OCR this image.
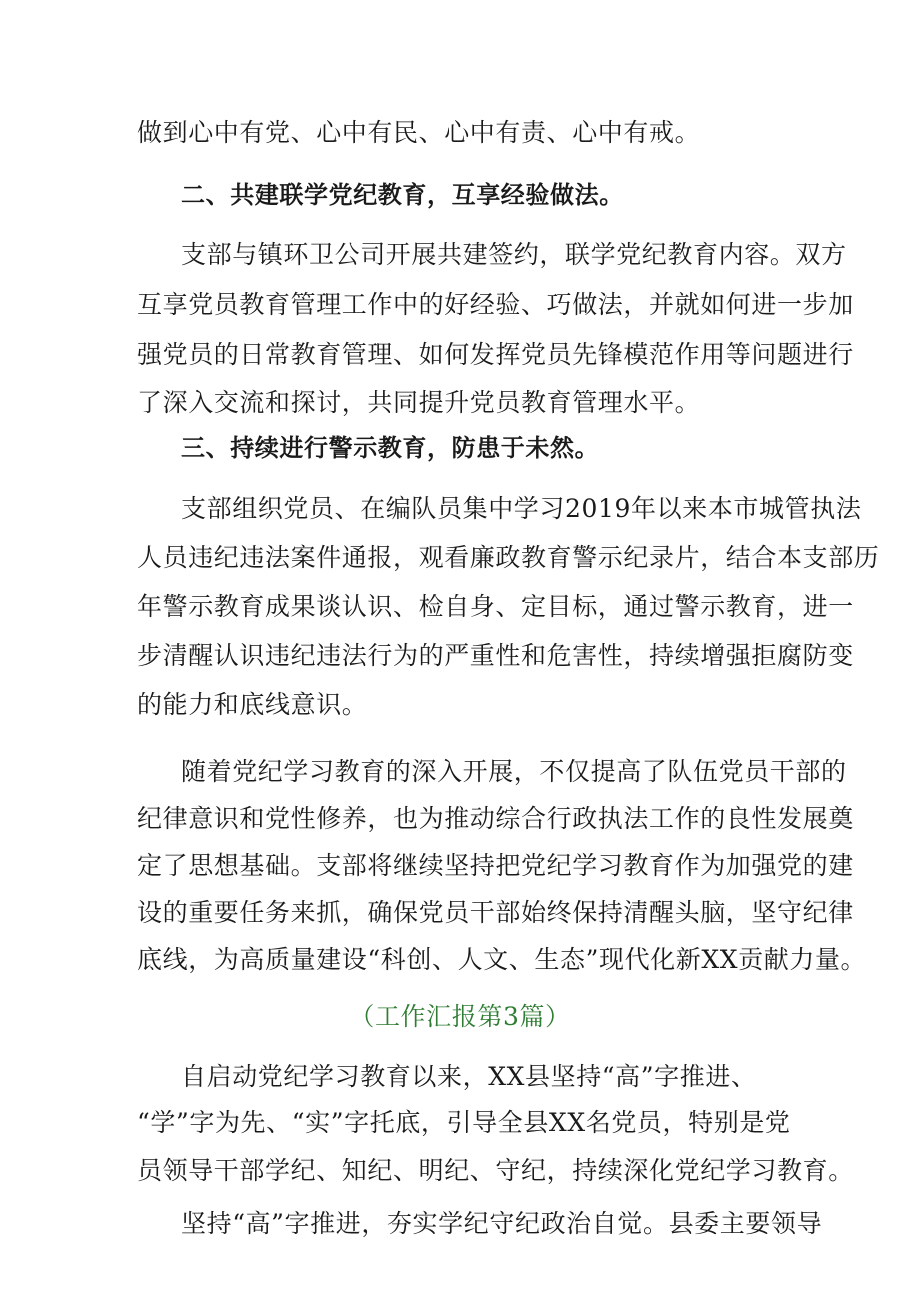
做到心中有党、心中有民、心中有责、心中有戒。
二、共建联学党纪教育，互享经验做法。
支部与镇环卫公司开展共建签约，联学党纪教育内容。双方
互享党员教育管理工作中的好经验、巧做法，并就如何进一步加
强党员的日常教育管理、如何发挥党员先锋模范作用等问题进行
了深入交流和探讨，共同提升党员教育管理水平。
三、持续进行警示教育，防患于未然。
支部组织党员、在编队员集中学习2019年以来本市城管执法
人员违纪违法案件通报，观看廉政教育警示纪录片，结合本支部历
年警示教育成果谈认识、检自身、定目标，通过警示教育，进一
步清醒认识违纪违法行为的严重性和危害性，持续增强拒腐防变
的能力和底线意识。
随着党纪学习教育的深入开展，不仅提高了队伍党员干部的
纪律意识和党性修养，也为推动综合行政执法工作的良性发展奠
定了思想基础。支部将继续坚持把党纪学习教育作为加强党的建
设的重要任务来抓，确保党员干部始终保持清醒头脑，坚守纪律
底线，为高质量建设“科创、人文、生态”现代化新XX贡献力量。
（工作汇报第3篇）
自启动党纪学习教育以来，XX县坚持“高”字推进、
“学”字为先、“实”字托底，引导全县XX名党员，特别是党
员领导干部学纪、知纪、明纪、守纪，持续深化党纪学习教育。
坚持“高”字推进，夯实学纪守纪政治自觉。县委主要领导
